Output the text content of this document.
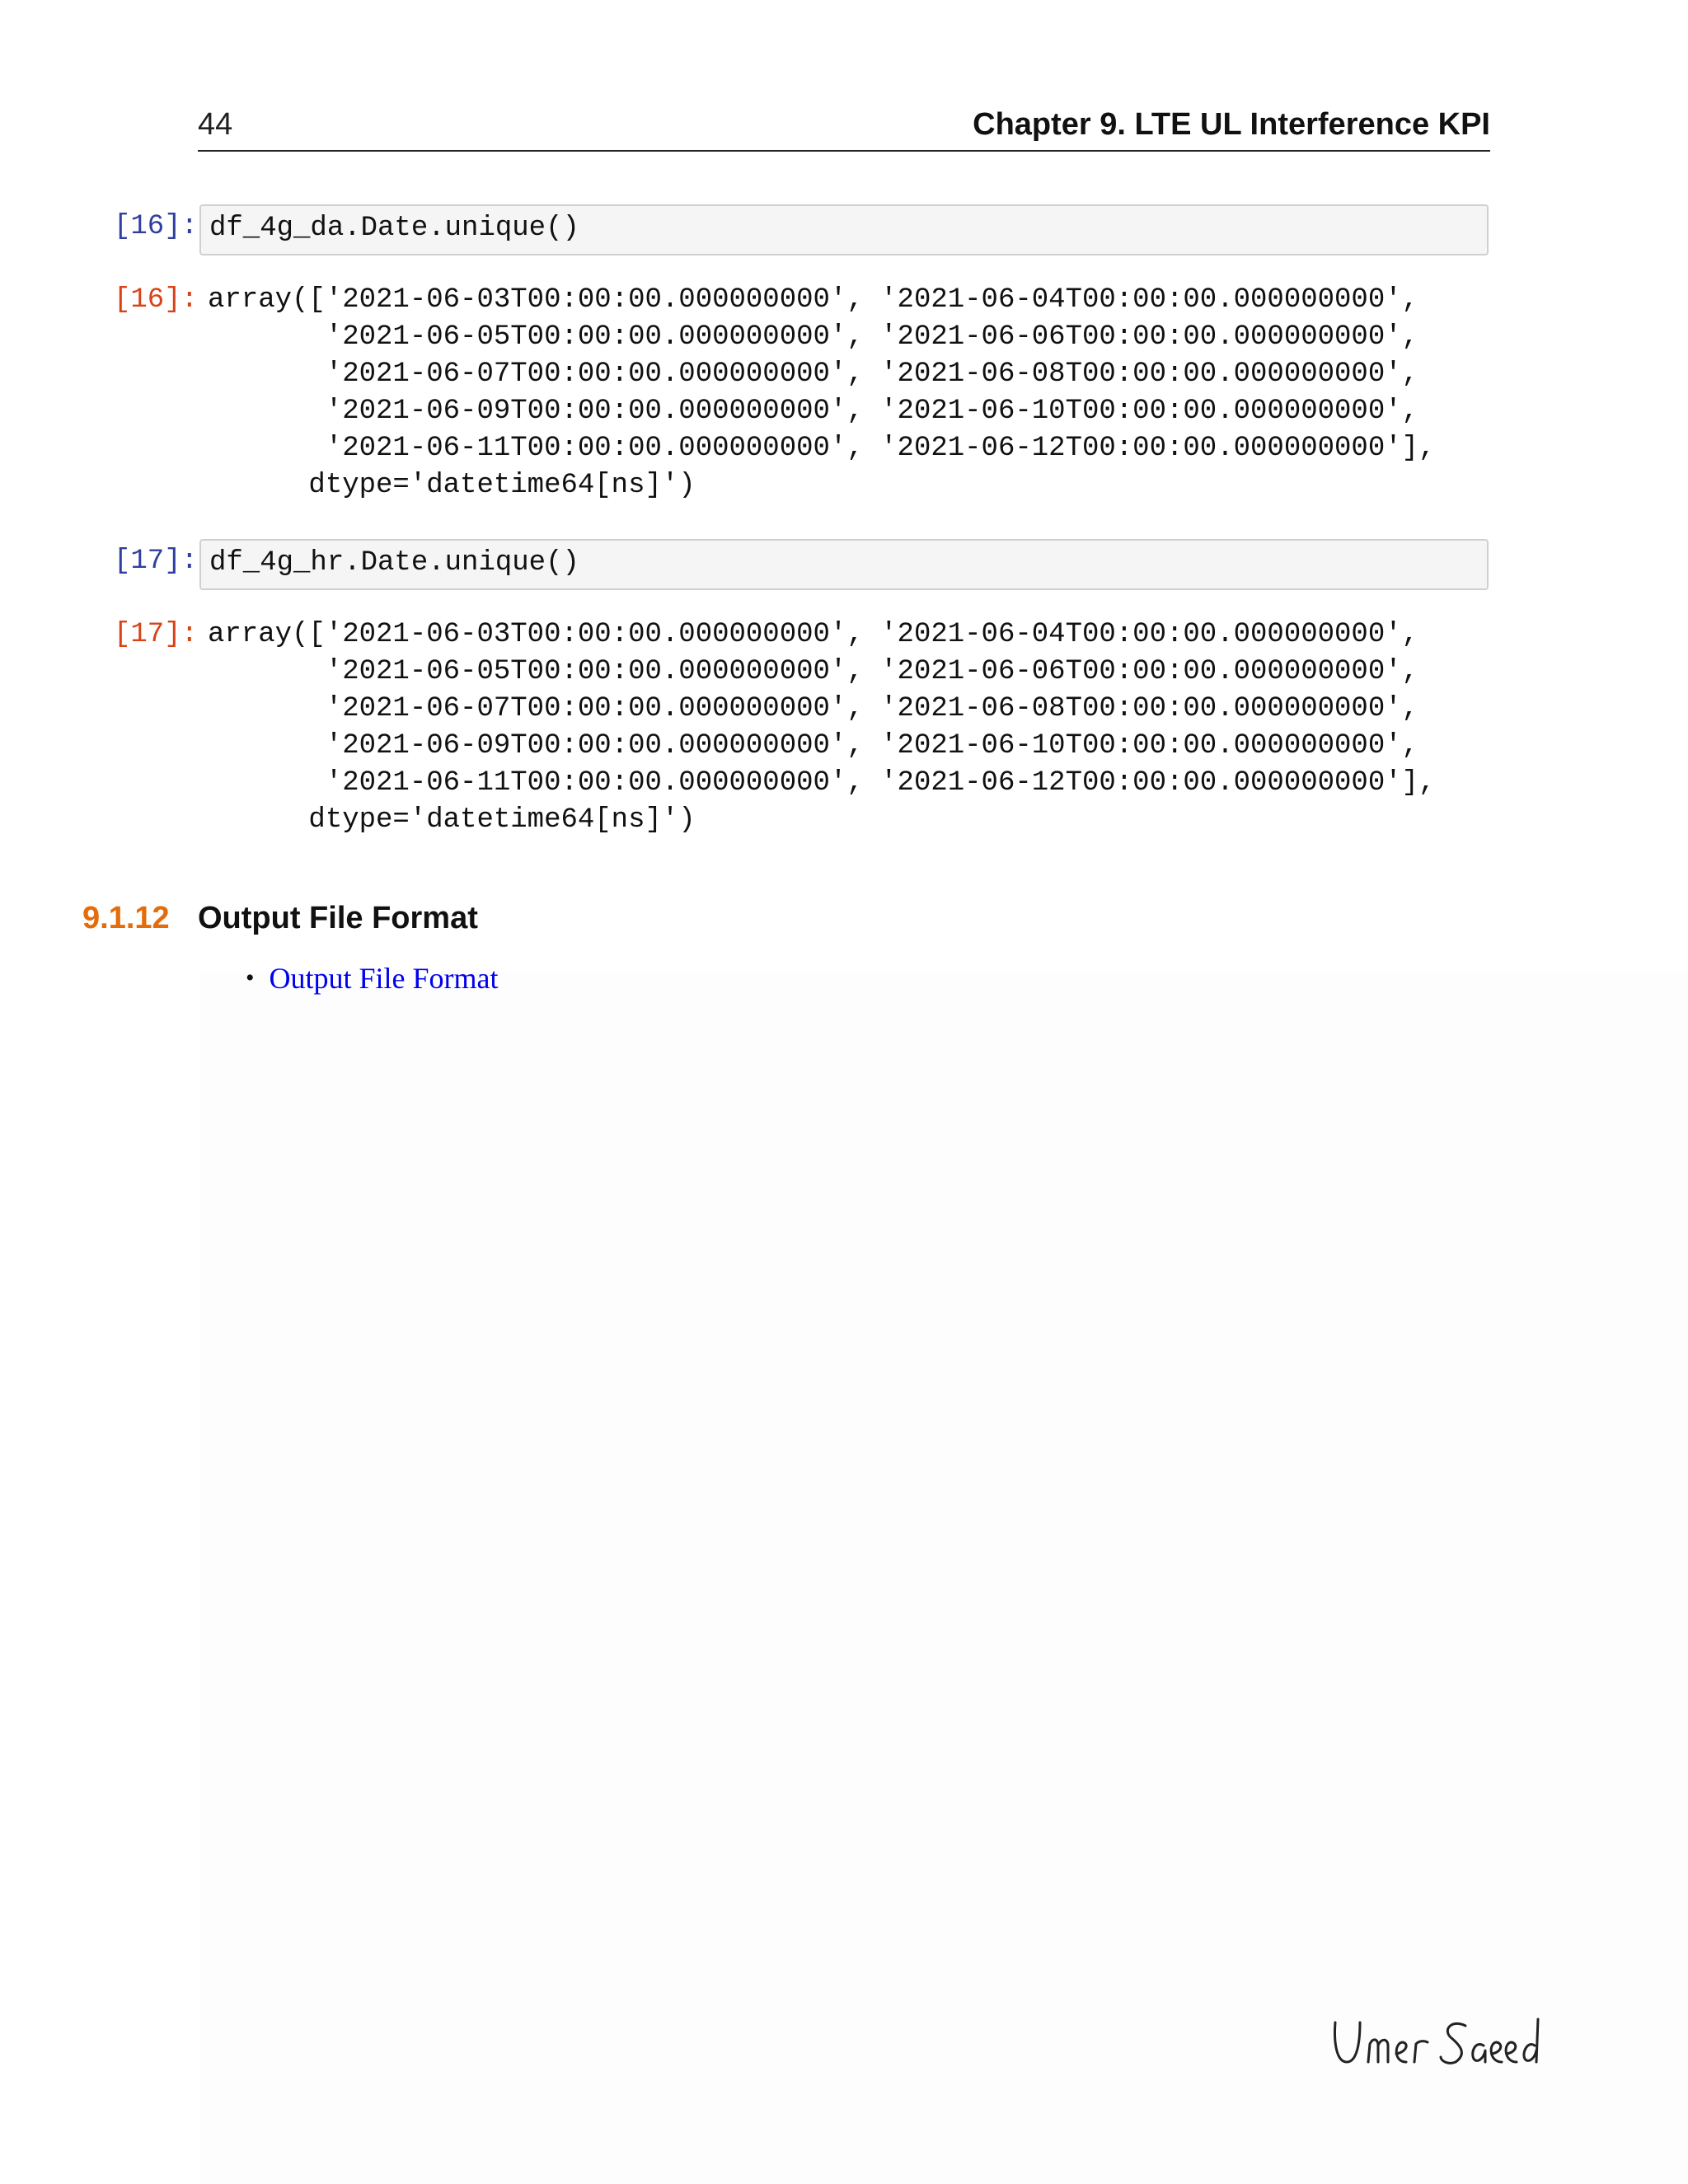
44	Chapter 9. LTE UL Interference KPI
[16]: df_4g_da.Date.unique()
[16]: array(['2021-06-03T00:00:00.000000000', '2021-06-04T00:00:00.000000000',
'2021-06-05T00:00:00.000000000', '2021-06-06T00:00:00.000000000',
'2021-06-07T00:00:00.000000000', '2021-06-08T00:00:00.000000000',
'2021-06-09T00:00:00.000000000', '2021-06-10T00:00:00.000000000',
'2021-06-11T00:00:00.000000000', '2021-06-12T00:00:00.000000000'],
dtype='datetime64[ns]')
[17]: df_4g_hr.Date.unique()
[17]: array(['2021-06-03T00:00:00.000000000', '2021-06-04T00:00:00.000000000',
'2021-06-05T00:00:00.000000000', '2021-06-06T00:00:00.000000000',
'2021-06-07T00:00:00.000000000', '2021-06-08T00:00:00.000000000',
'2021-06-09T00:00:00.000000000', '2021-06-10T00:00:00.000000000',
'2021-06-11T00:00:00.000000000', '2021-06-12T00:00:00.000000000'],
dtype='datetime64[ns]')
9.1.12 Output File Format
• Output File Format
